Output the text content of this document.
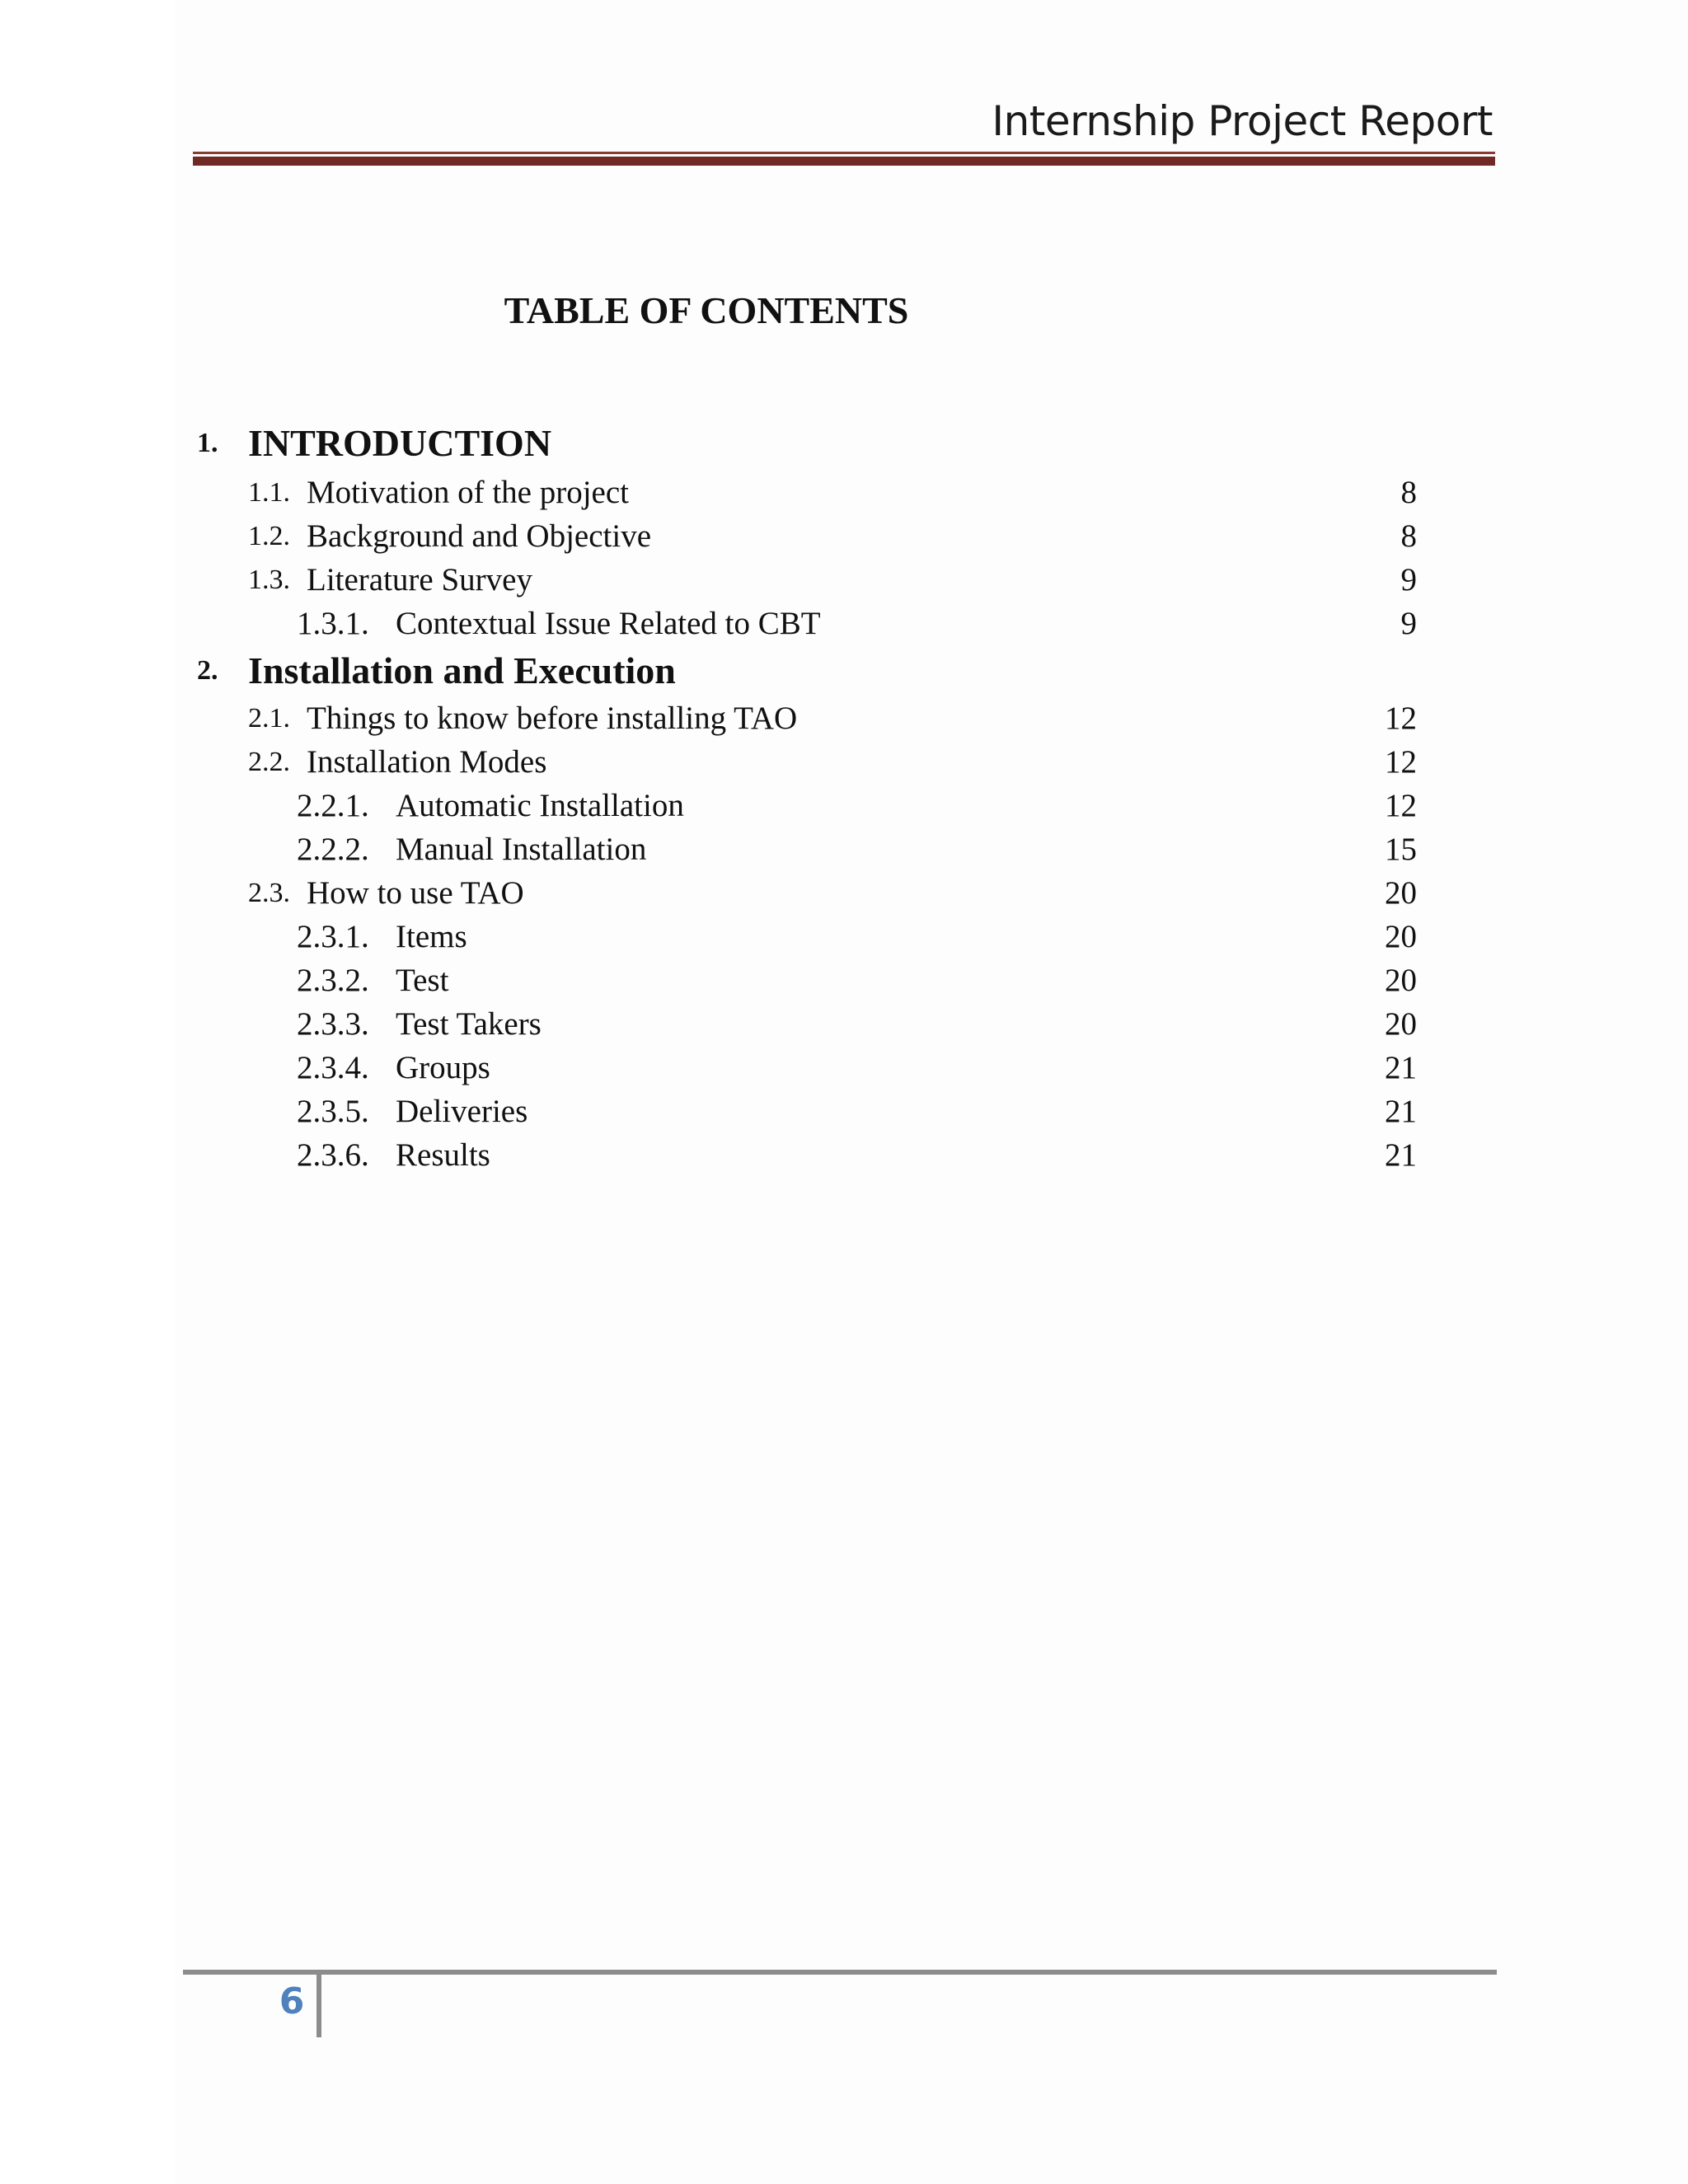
Internship Project Report
TABLE OF CONTENTS
1. INTRODUCTION
1.1. Motivation of the project	8
1.2. Background and Objective	8
1.3. Literature Survey	9
1.3.1. Contextual Issue Related to CBT	9
2. Installation and Execution
2.1. Things to know before installing TAO	12
2.2. Installation Modes	12
2.2.1. Automatic Installation	12
2.2.2. Manual Installation	15
2.3. How to use TAO	20
2.3.1. Items	20
2.3.2. Test	20
2.3.3. Test Takers	20
2.3.4. Groups	21
2.3.5. Deliveries	21
2.3.6. Results	21
6
